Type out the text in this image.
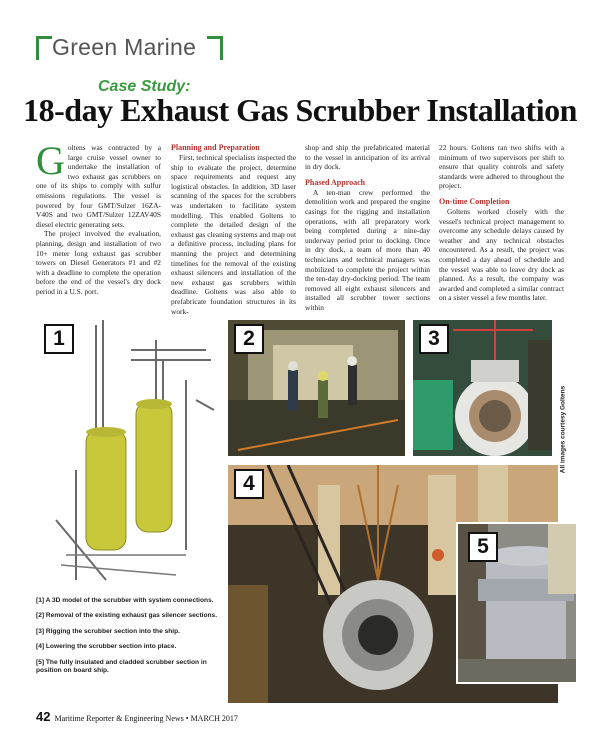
Green Marine
Case Study:
18-day Exhaust Gas Scrubber Installation

Goltens was contracted by a large cruise vessel owner to undertake the installation of two exhaust gas scrubbers on one of its ships to comply with sulfur emissions regulations. The vessel is powered by four GMT/Sulzer 16ZA-V40S and two GMT/Sulzer 12ZAV40S diesel electric generating sets.

The project involved the evaluation, planning, design and installation of two 10+ meter long exhaust gas scrubber towers on Diesel Generators #1 and #2 with a deadline to complete the operation before the end of the vessel's dry dock period in a U.S. port.

Planning and Preparation

First, technical specialists inspected the ship to evaluate the project, determine space requirements and request any logistical obstacles. In addition, 3D laser scanning of the spaces for the scrubbers was undertaken to facilitate system modelling. This enabled Goltens to complete the detailed design of the exhaust gas cleaning systems and map out a definitive process, including plans for manning the project and determining timelines for the removal of the existing exhaust silencers and installation of the new exhaust gas scrubbers within deadline. Goltens was also able to prefabricate foundation structures in its work-

shop and ship the prefabricated material to the vessel in anticipation of its arrival in dry dock.

Phased Approach

A ten-man crew performed the demolition work and prepared the engine casings for the rigging and installation operations, with all preparatory work being completed during a nine-day underway period prior to docking. Once in dry dock, a team of more than 40 technicians and technical managers was mobilized to complete the project within the ten-day dry-docking period. The team removed all eight exhaust silencers and installed all scrubber tower sections within

22 hours. Goltens ran two shifts with a minimum of two supervisors per shift to ensure that quality controls and safety standards were adhered to throughout the project.

On-time Completion

Goltens worked closely with the vessel's technical project management to overcome any schedule delays caused by weather and any technical obstacles encountered. As a result, the project was completed a day ahead of schedule and the vessel was able to leave dry dock as planned. As a result, the company was awarded and completed a similar contract on a sister vessel a few months later.

1	2	3
All images courtesy Goltens
4
5
[1] A 3D model of the scrubber with system connections.
[2] Removal of the existing exhaust gas silencer sections.
[3] Rigging the scrubber section into the ship.
[4] Lowering the scrubber section into place.
[5] The fully insulated and cladded scrubber section in position on board ship.
42 Maritime Reporter & Engineering News • MARCH 2017
